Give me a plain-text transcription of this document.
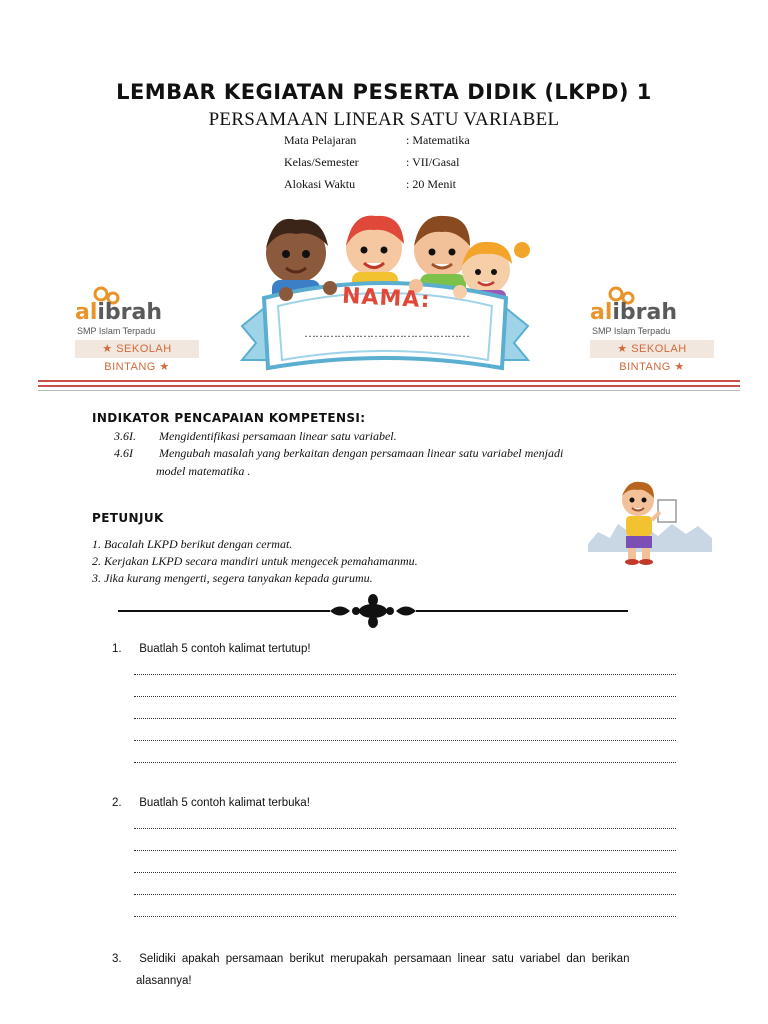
LEMBAR KEGIATAN PESERTA DIDIK (LKPD) 1
PERSAMAAN LINEAR SATU VARIABEL
Mata Pelajaran	: Matematika
Kelas/Semester	: VII/Gasal
Alokasi Waktu	: 20 Menit
alibrah
SMP Islam Terpadu
★ SEKOLAH BINTANG ★
alibrah
SMP Islam Terpadu
★ SEKOLAH BINTANG ★
NAMA:
………………………………………
INDIKATOR PENCAPAIAN KOMPETENSI:
3.6I. Mengidentifikasi persamaan linear satu variabel.
4.6I Mengubah masalah yang berkaitan dengan persamaan linear satu variabel menjadi
model matematika .
PETUNJUK
1. Bacalah LKPD berikut dengan cermat.
2. Kerjakan LKPD secara mandiri untuk mengecek pemahamanmu.
3. Jika kurang mengerti, segera tanyakan kepada gurumu.
1. Buatlah 5 contoh kalimat tertutup!
2. Buatlah 5 contoh kalimat terbuka!
3. Selidiki apakah persamaan berikut merupakah persamaan linear satu variabel dan berikan
alasannya!
